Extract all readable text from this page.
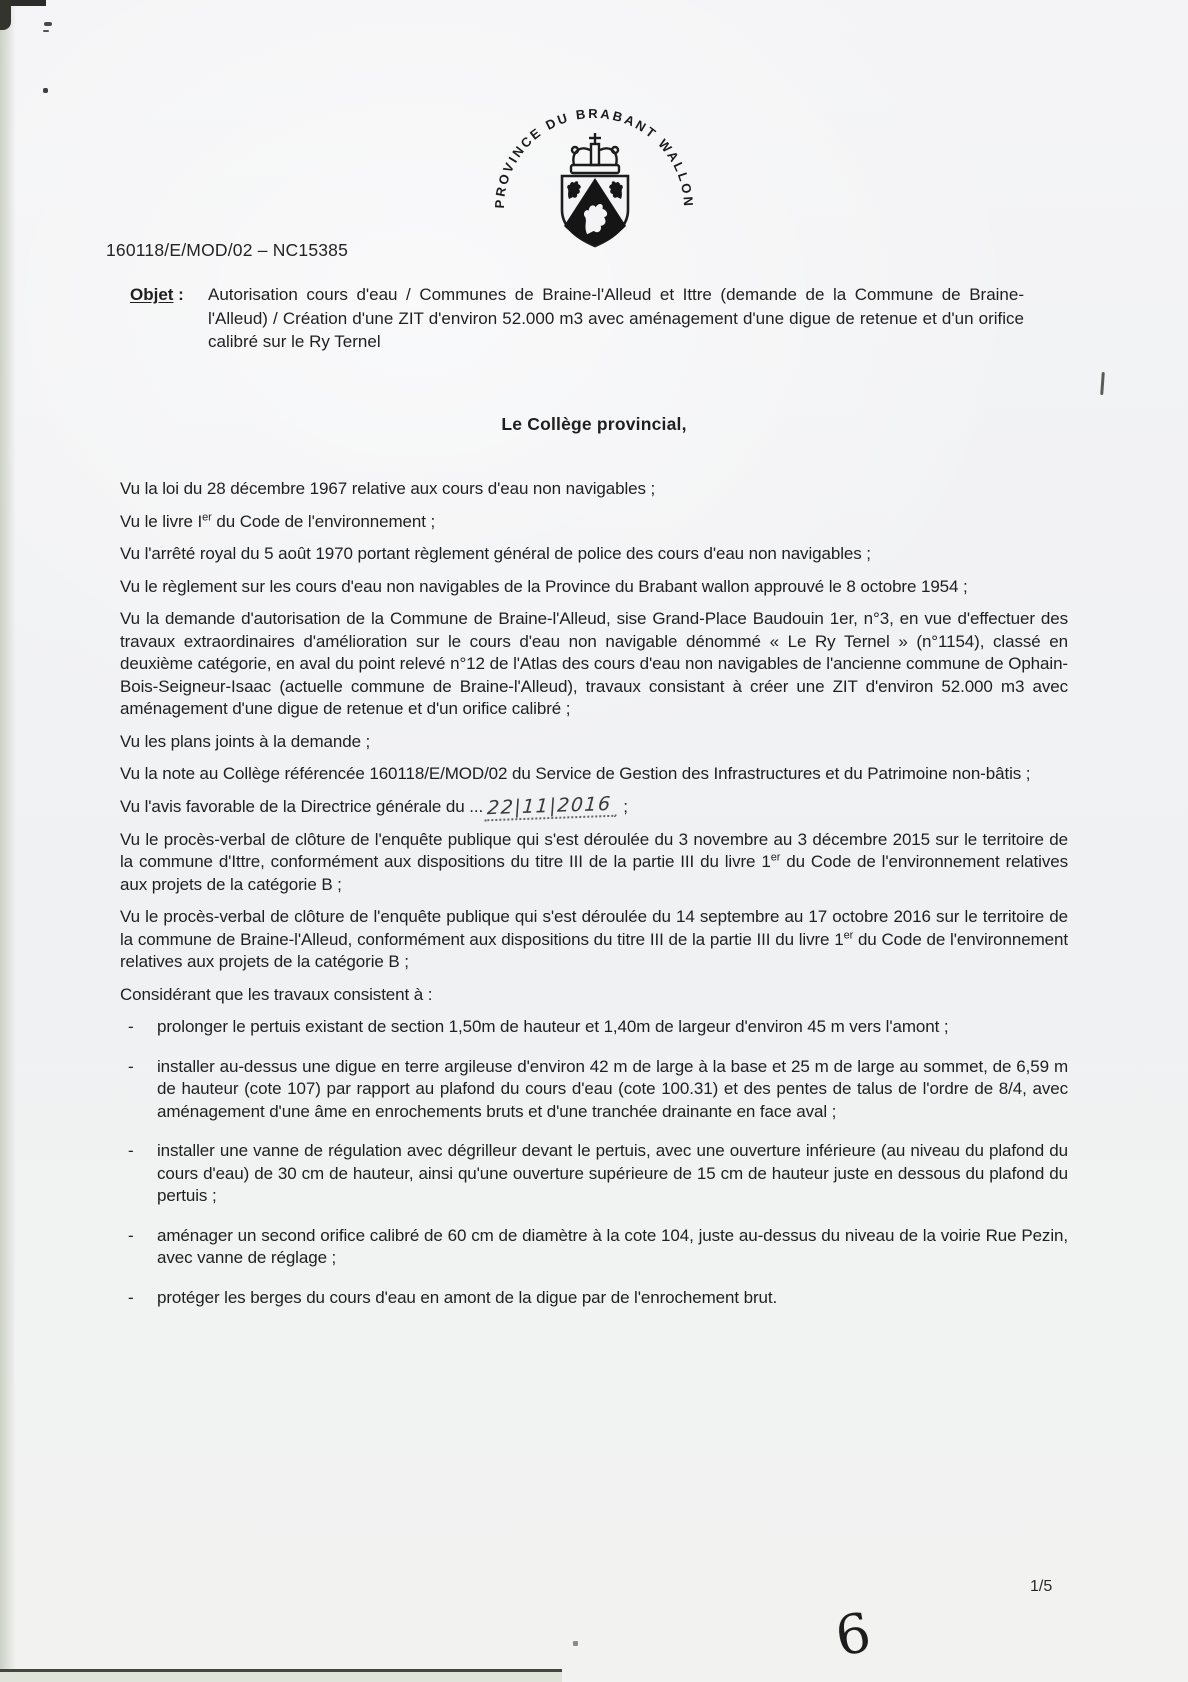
PROVINCE DU BRABANT WALLON
160118/E/MOD/02 – NC15385
Objet :	Autorisation cours d'eau / Communes de Braine-l'Alleud et Ittre (demande de la Commune de Braine-l'Alleud) / Création d'une ZIT d'environ 52.000 m3 avec aménagement d'une digue de retenue et d'un orifice calibré sur le Ry Ternel
Le Collège provincial,

Vu la loi du 28 décembre 1967 relative aux cours d'eau non navigables ;

Vu le livre Ier du Code de l'environnement ;

Vu l'arrêté royal du 5 août 1970 portant règlement général de police des cours d'eau non navigables ;

Vu le règlement sur les cours d'eau non navigables de la Province du Brabant wallon approuvé le 8 octobre 1954 ;

Vu la demande d'autorisation de la Commune de Braine-l'Alleud, sise Grand-Place Baudouin 1er, n°3, en vue d'effectuer des travaux extraordinaires d'amélioration sur le cours d'eau non navigable dénommé « Le Ry Ternel » (n°1154), classé en deuxième catégorie, en aval du point relevé n°12 de l'Atlas des cours d'eau non navigables de l'ancienne commune de Ophain-Bois-Seigneur-Isaac (actuelle commune de Braine-l'Alleud), travaux consistant à créer une ZIT d'environ 52.000 m3 avec aménagement d'une digue de retenue et d'un orifice calibré ;

Vu les plans joints à la demande ;

Vu la note au Collège référencée 160118/E/MOD/02 du Service de Gestion des Infrastructures et du Patrimoine non-bâtis ;

Vu l'avis favorable de la Directrice générale du ... 22|11|2016 ;

Vu le procès-verbal de clôture de l'enquête publique qui s'est déroulée du 3 novembre au 3 décembre 2015 sur le territoire de la commune d'Ittre, conformément aux dispositions du titre III de la partie III du livre 1er du Code de l'environnement relatives aux projets de la catégorie B ;

Vu le procès-verbal de clôture de l'enquête publique qui s'est déroulée du 14 septembre au 17 octobre 2016 sur le territoire de la commune de Braine-l'Alleud, conformément aux dispositions du titre III de la partie III du livre 1er du Code de l'environnement relatives aux projets de la catégorie B ;

Considérant que les travaux consistent à :

-	prolonger le pertuis existant de section 1,50m de hauteur et 1,40m de largeur d'environ 45 m vers l'amont ;
-	installer au-dessus une digue en terre argileuse d'environ 42 m de large à la base et 25 m de large au sommet, de 6,59 m de hauteur (cote 107) par rapport au plafond du cours d'eau (cote 100.31) et des pentes de talus de l'ordre de 8/4, avec aménagement d'une âme en enrochements bruts et d'une tranchée drainante en face aval ;
-	installer une vanne de régulation avec dégrilleur devant le pertuis, avec une ouverture inférieure (au niveau du plafond du cours d'eau) de 30 cm de hauteur, ainsi qu'une ouverture supérieure de 15 cm de hauteur juste en dessous du plafond du pertuis ;
-	aménager un second orifice calibré de 60 cm de diamètre à la cote 104, juste au-dessus du niveau de la voirie Rue Pezin, avec vanne de réglage ;
-	protéger les berges du cours d'eau en amont de la digue par de l'enrochement brut.
1/5
6
